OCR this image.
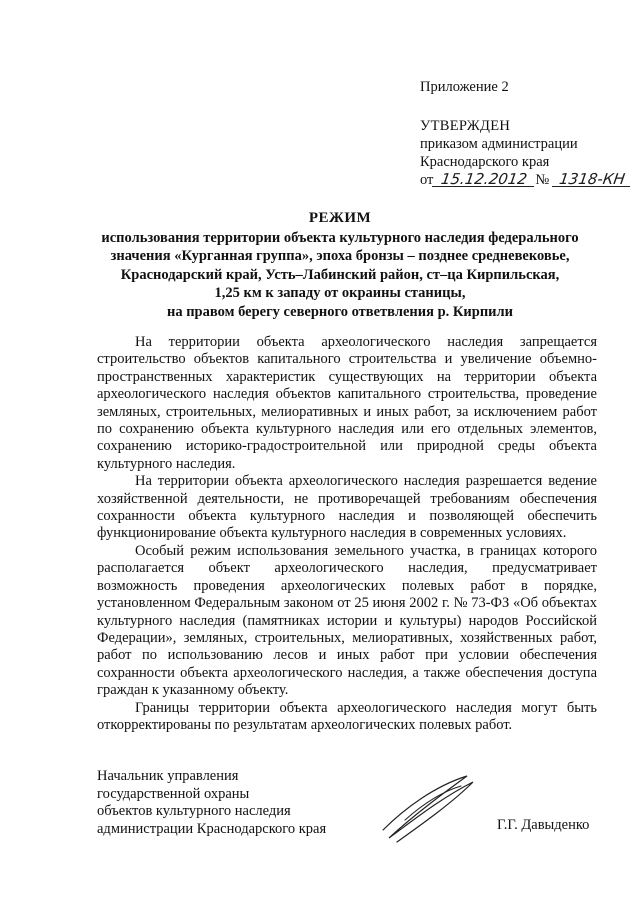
Приложение 2
УТВЕРЖДЕН
приказом администрации
Краснодарского края
от 15.12.2012 № 1318-КН
РЕЖИМ
использования территории объекта культурного наследия федерального
значения «Курганная группа», эпоха бронзы – позднее средневековье,
Краснодарский край, Усть–Лабинский район, ст–ца Кирпильская,
1,25 км к западу от окраины станицы,
на правом берегу северного ответвления р. Кирпили

На территории объекта археологического наследия запрещается строительство объектов капитального строительства и увеличение объемно-пространственных характеристик существующих на территории объекта археологического наследия объектов капитального строительства, проведение земляных, строительных, мелиоративных и иных работ, за исключением работ по сохранению объекта культурного наследия или его отдельных элементов, сохранению историко-градостроительной или природной среды объекта культурного наследия.

На территории объекта археологического наследия разрешается ведение хозяйственной деятельности, не противоречащей требованиям обеспечения сохранности объекта культурного наследия и позволяющей обеспечить функционирование объекта культурного наследия в современных условиях.

Особый режим использования земельного участка, в границах которого располагается объект археологического наследия, предусматривает возможность проведения археологических полевых работ в порядке, установленном Федеральным законом от 25 июня 2002 г. № 73-ФЗ «Об объектах культурного наследия (памятниках истории и культуры) народов Российской Федерации», земляных, строительных, мелиоративных, хозяйственных работ, работ по использованию лесов и иных работ при условии обеспечения сохранности объекта археологического наследия, а также обеспечения доступа граждан к указанному объекту.

Границы территории объекта археологического наследия могут быть откорректированы по результатам археологических полевых работ.

Начальник управления
государственной охраны
объектов культурного наследия
администрации Краснодарского края	Г.Г. Давыденко
